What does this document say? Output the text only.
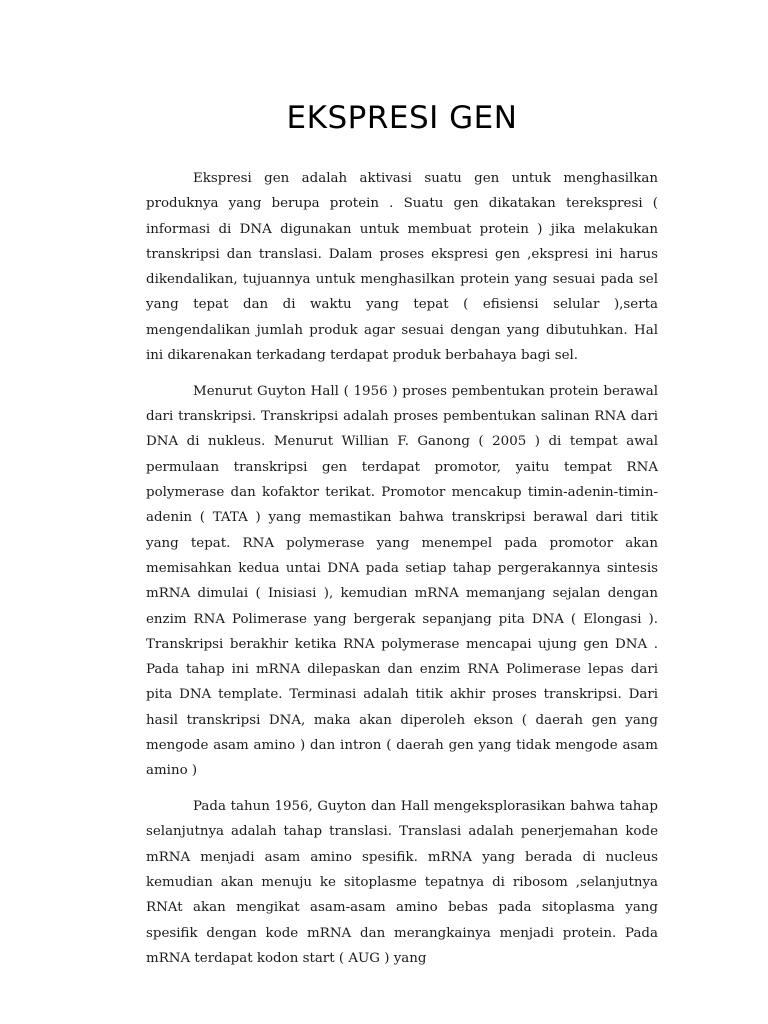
EKSPRESI GEN

Ekspresi gen adalah aktivasi suatu gen untuk menghasilkan produknya yang berupa protein . Suatu gen dikatakan terekspresi ( informasi di DNA digunakan untuk membuat protein ) jika melakukan transkripsi dan translasi. Dalam proses ekspresi gen ,ekspresi ini harus dikendalikan, tujuannya untuk menghasilkan protein yang sesuai pada sel yang tepat dan di waktu yang tepat ( efisiensi selular ),serta mengendalikan jumlah produk agar sesuai dengan yang dibutuhkan. Hal ini dikarenakan terkadang terdapat produk berbahaya bagi sel.

Menurut Guyton Hall ( 1956 ) proses pembentukan protein berawal dari transkripsi. Transkripsi adalah proses pembentukan salinan RNA dari DNA di nukleus. Menurut Willian F. Ganong ( 2005 ) di tempat awal permulaan transkripsi gen terdapat promotor, yaitu tempat RNA polymerase dan kofaktor terikat. Promotor mencakup timin-adenin-timin-adenin ( TATA ) yang memastikan bahwa transkripsi berawal dari titik yang tepat. RNA polymerase yang menempel pada promotor akan memisahkan kedua untai DNA pada setiap tahap pergerakannya sintesis mRNA dimulai ( Inisiasi ), kemudian mRNA memanjang sejalan dengan enzim RNA Polimerase yang bergerak sepanjang pita DNA ( Elongasi ). Transkripsi berakhir ketika RNA polymerase mencapai ujung gen DNA . Pada tahap ini mRNA dilepaskan dan enzim RNA Polimerase lepas dari pita DNA template. Terminasi adalah titik akhir proses transkripsi. Dari hasil transkripsi DNA, maka akan diperoleh ekson ( daerah gen yang mengode asam amino ) dan intron ( daerah gen yang tidak mengode asam amino )

Pada tahun 1956, Guyton dan Hall mengeksplorasikan bahwa tahap selanjutnya adalah tahap translasi. Translasi adalah penerjemahan kode mRNA menjadi asam amino spesifik. mRNA yang berada di nucleus kemudian akan menuju ke sitoplasme tepatnya di ribosom ,selanjutnya RNAt akan mengikat asam-asam amino bebas pada sitoplasma yang spesifik dengan kode mRNA dan merangkainya menjadi protein. Pada mRNA terdapat kodon start ( AUG ) yang
